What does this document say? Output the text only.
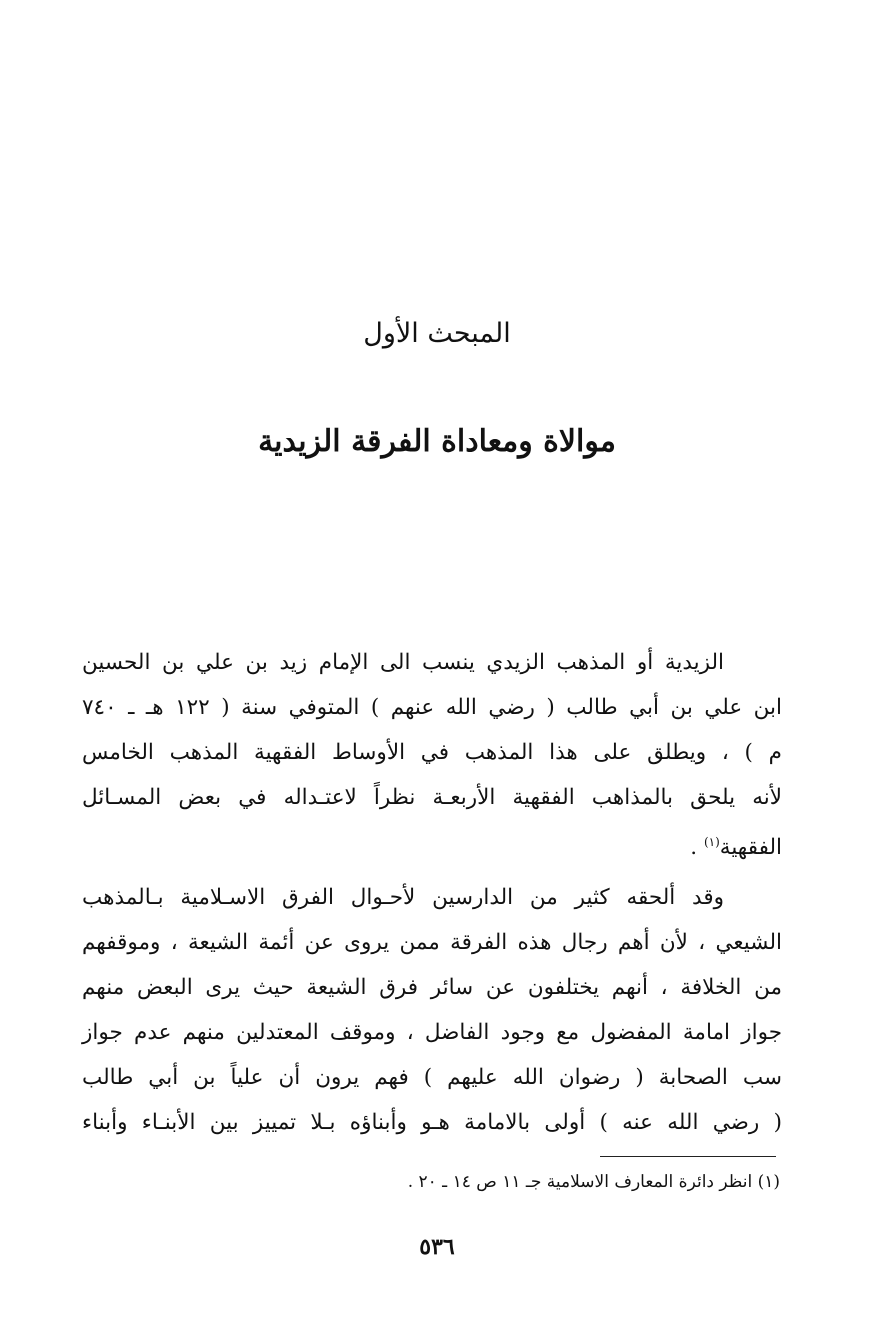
المبحث الأول
موالاة ومعاداة الفرقة الزيدية

الزيدية أو المذهب الزيدي ينسب الى الإمام زيد بن علي بن الحسين
ابن علي بن أبي طالب ( رضي الله عنهم ) المتوفي سنة ( ١٢٢ هـ ـ ٧٤٠
م ) ، ويطلق على هذا المذهب في الأوساط الفقهية المذهب الخامس
لأنه يلحق بالمذاهب الفقهية الأربعـة نظراً لاعتـداله في بعض المسـائل
الفقهية$^{(١)}$ .

وقد ألحقه كثير من الدارسين لأحـوال الفرق الاسـلامية بـالمذهب
الشيعي ، لأن أهم رجال هذه الفرقة ممن يروى عن أئمة الشيعة ، وموقفهم
من الخلافة ، أنهم يختلفون عن سائر فرق الشيعة حيث يرى البعض منهم
جواز امامة المفضول مع وجود الفاضل ، وموقف المعتدلين منهم عدم جواز
سب الصحابة ( رضوان الله عليهم ) فهم يرون أن علياً بن أبي طالب
( رضي الله عنه ) أولى بالامامة هـو وأبناؤه بـلا تمييز بين الأبنـاء وأبناء

(١) انظر دائرة المعارف الاسلامية جـ ١١ ص ١٤ ـ ٢٠ .
٥٣٦
